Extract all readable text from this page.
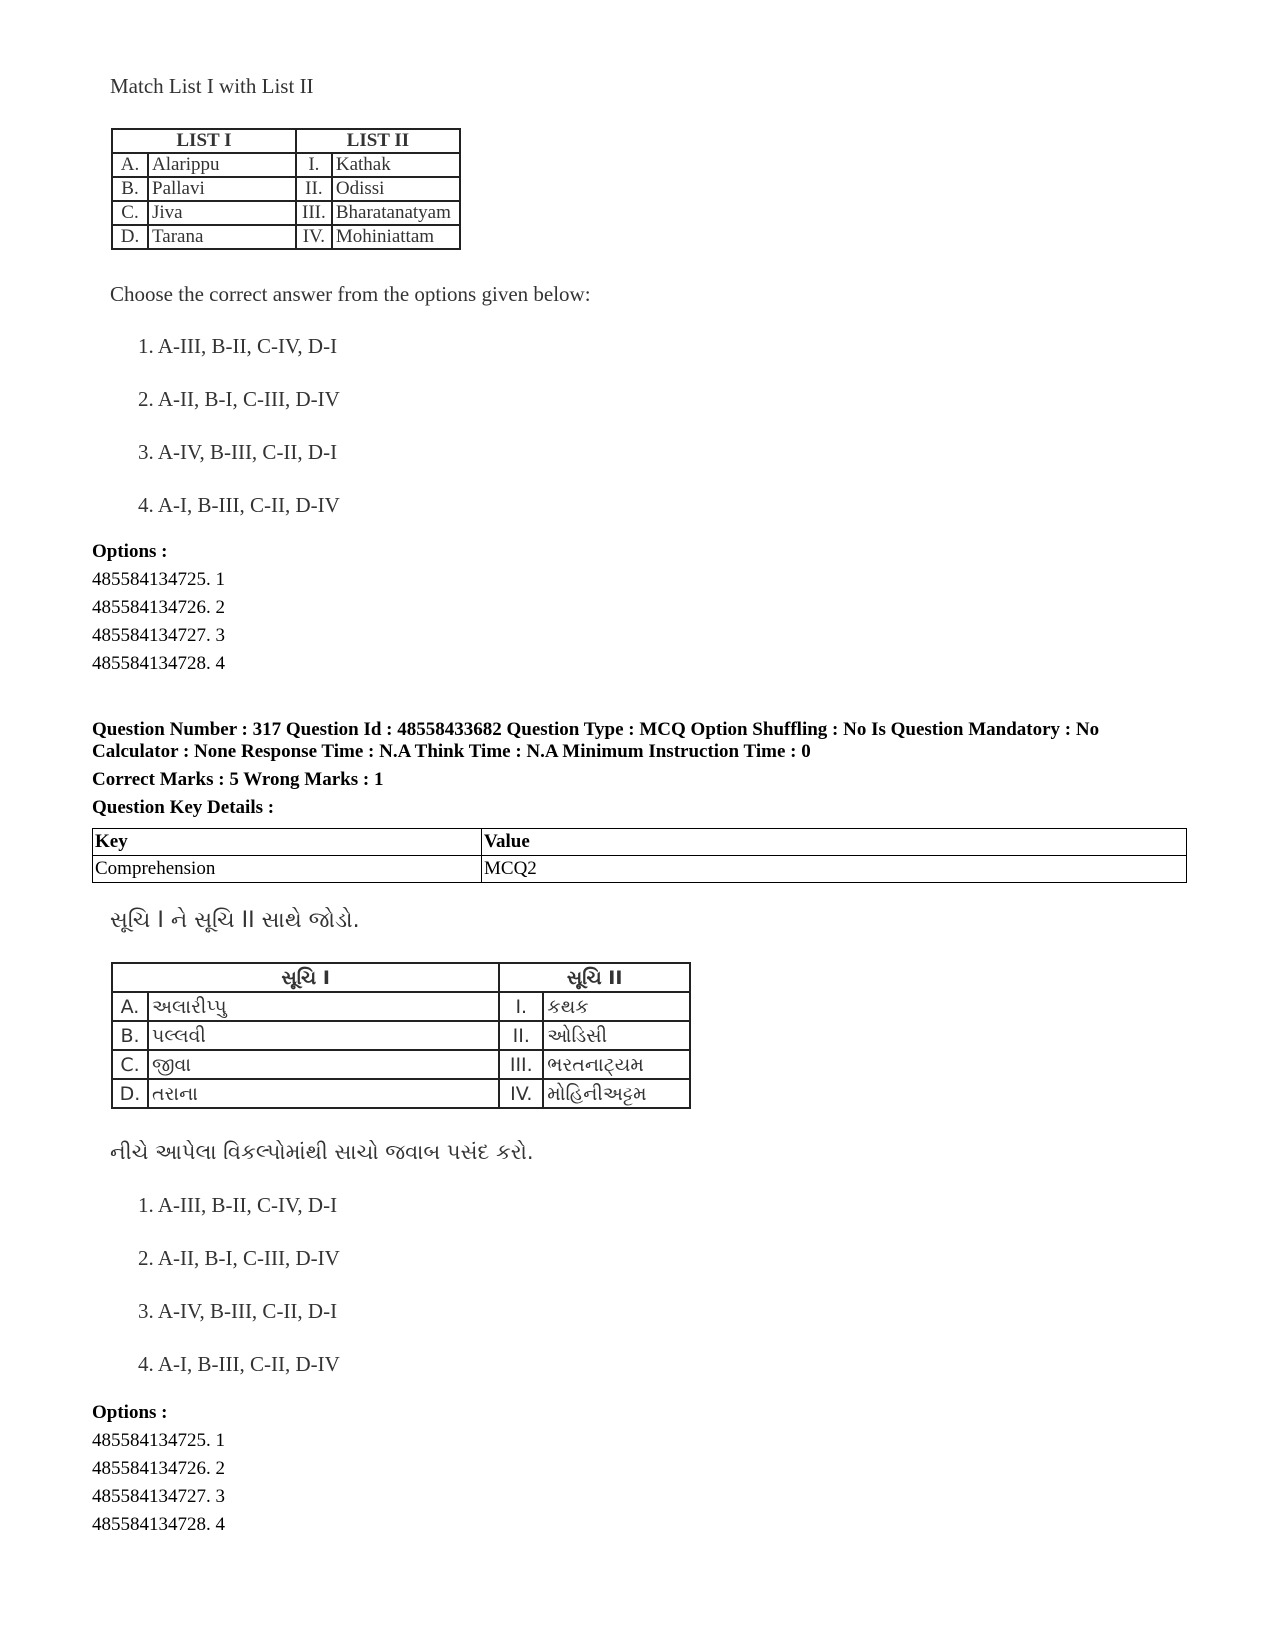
Match List I with List II
LIST I		LIST II	
A.	Alarippu	I.	Kathak
B.	Pallavi	II.	Odissi
C.	Jiva	III.	Bharatanatyam
D.	Tarana	IV.	Mohiniattam
Choose the correct answer from the options given below:
1. A-III, B-II, C-IV, D-I
2. A-II, B-I, C-III, D-IV
3. A-IV, B-III, C-II, D-I
4. A-I, B-III, C-II, D-IV
Options :
485584134725. 1
485584134726. 2
485584134727. 3
485584134728. 4
Question Number : 317 Question Id : 48558433682 Question Type : MCQ Option Shuffling : No Is Question Mandatory : No Calculator : None Response Time : N.A Think Time : N.A Minimum Instruction Time : 0
Correct Marks : 5 Wrong Marks : 1
Question Key Details :
Key	Value
Comprehension	MCQ2
સૂચિ I ને સૂચિ II સાથે જોડો.
સૂચિ I		સૂચિ II	
A.	અલારીપ્પુ	I.	કથક
B.	પલ્લવી	II.	ઓડિસી
C.	જીવા	III.	ભરતનાટ્યમ
D.	તરાના	IV.	મોહિનીઅટ્ટમ
નીચે આપેલા વિકલ્પોમાંથી સાચો જવાબ પસંદ કરો.
1. A-III, B-II, C-IV, D-I
2. A-II, B-I, C-III, D-IV
3. A-IV, B-III, C-II, D-I
4. A-I, B-III, C-II, D-IV
Options :
485584134725. 1
485584134726. 2
485584134727. 3
485584134728. 4
